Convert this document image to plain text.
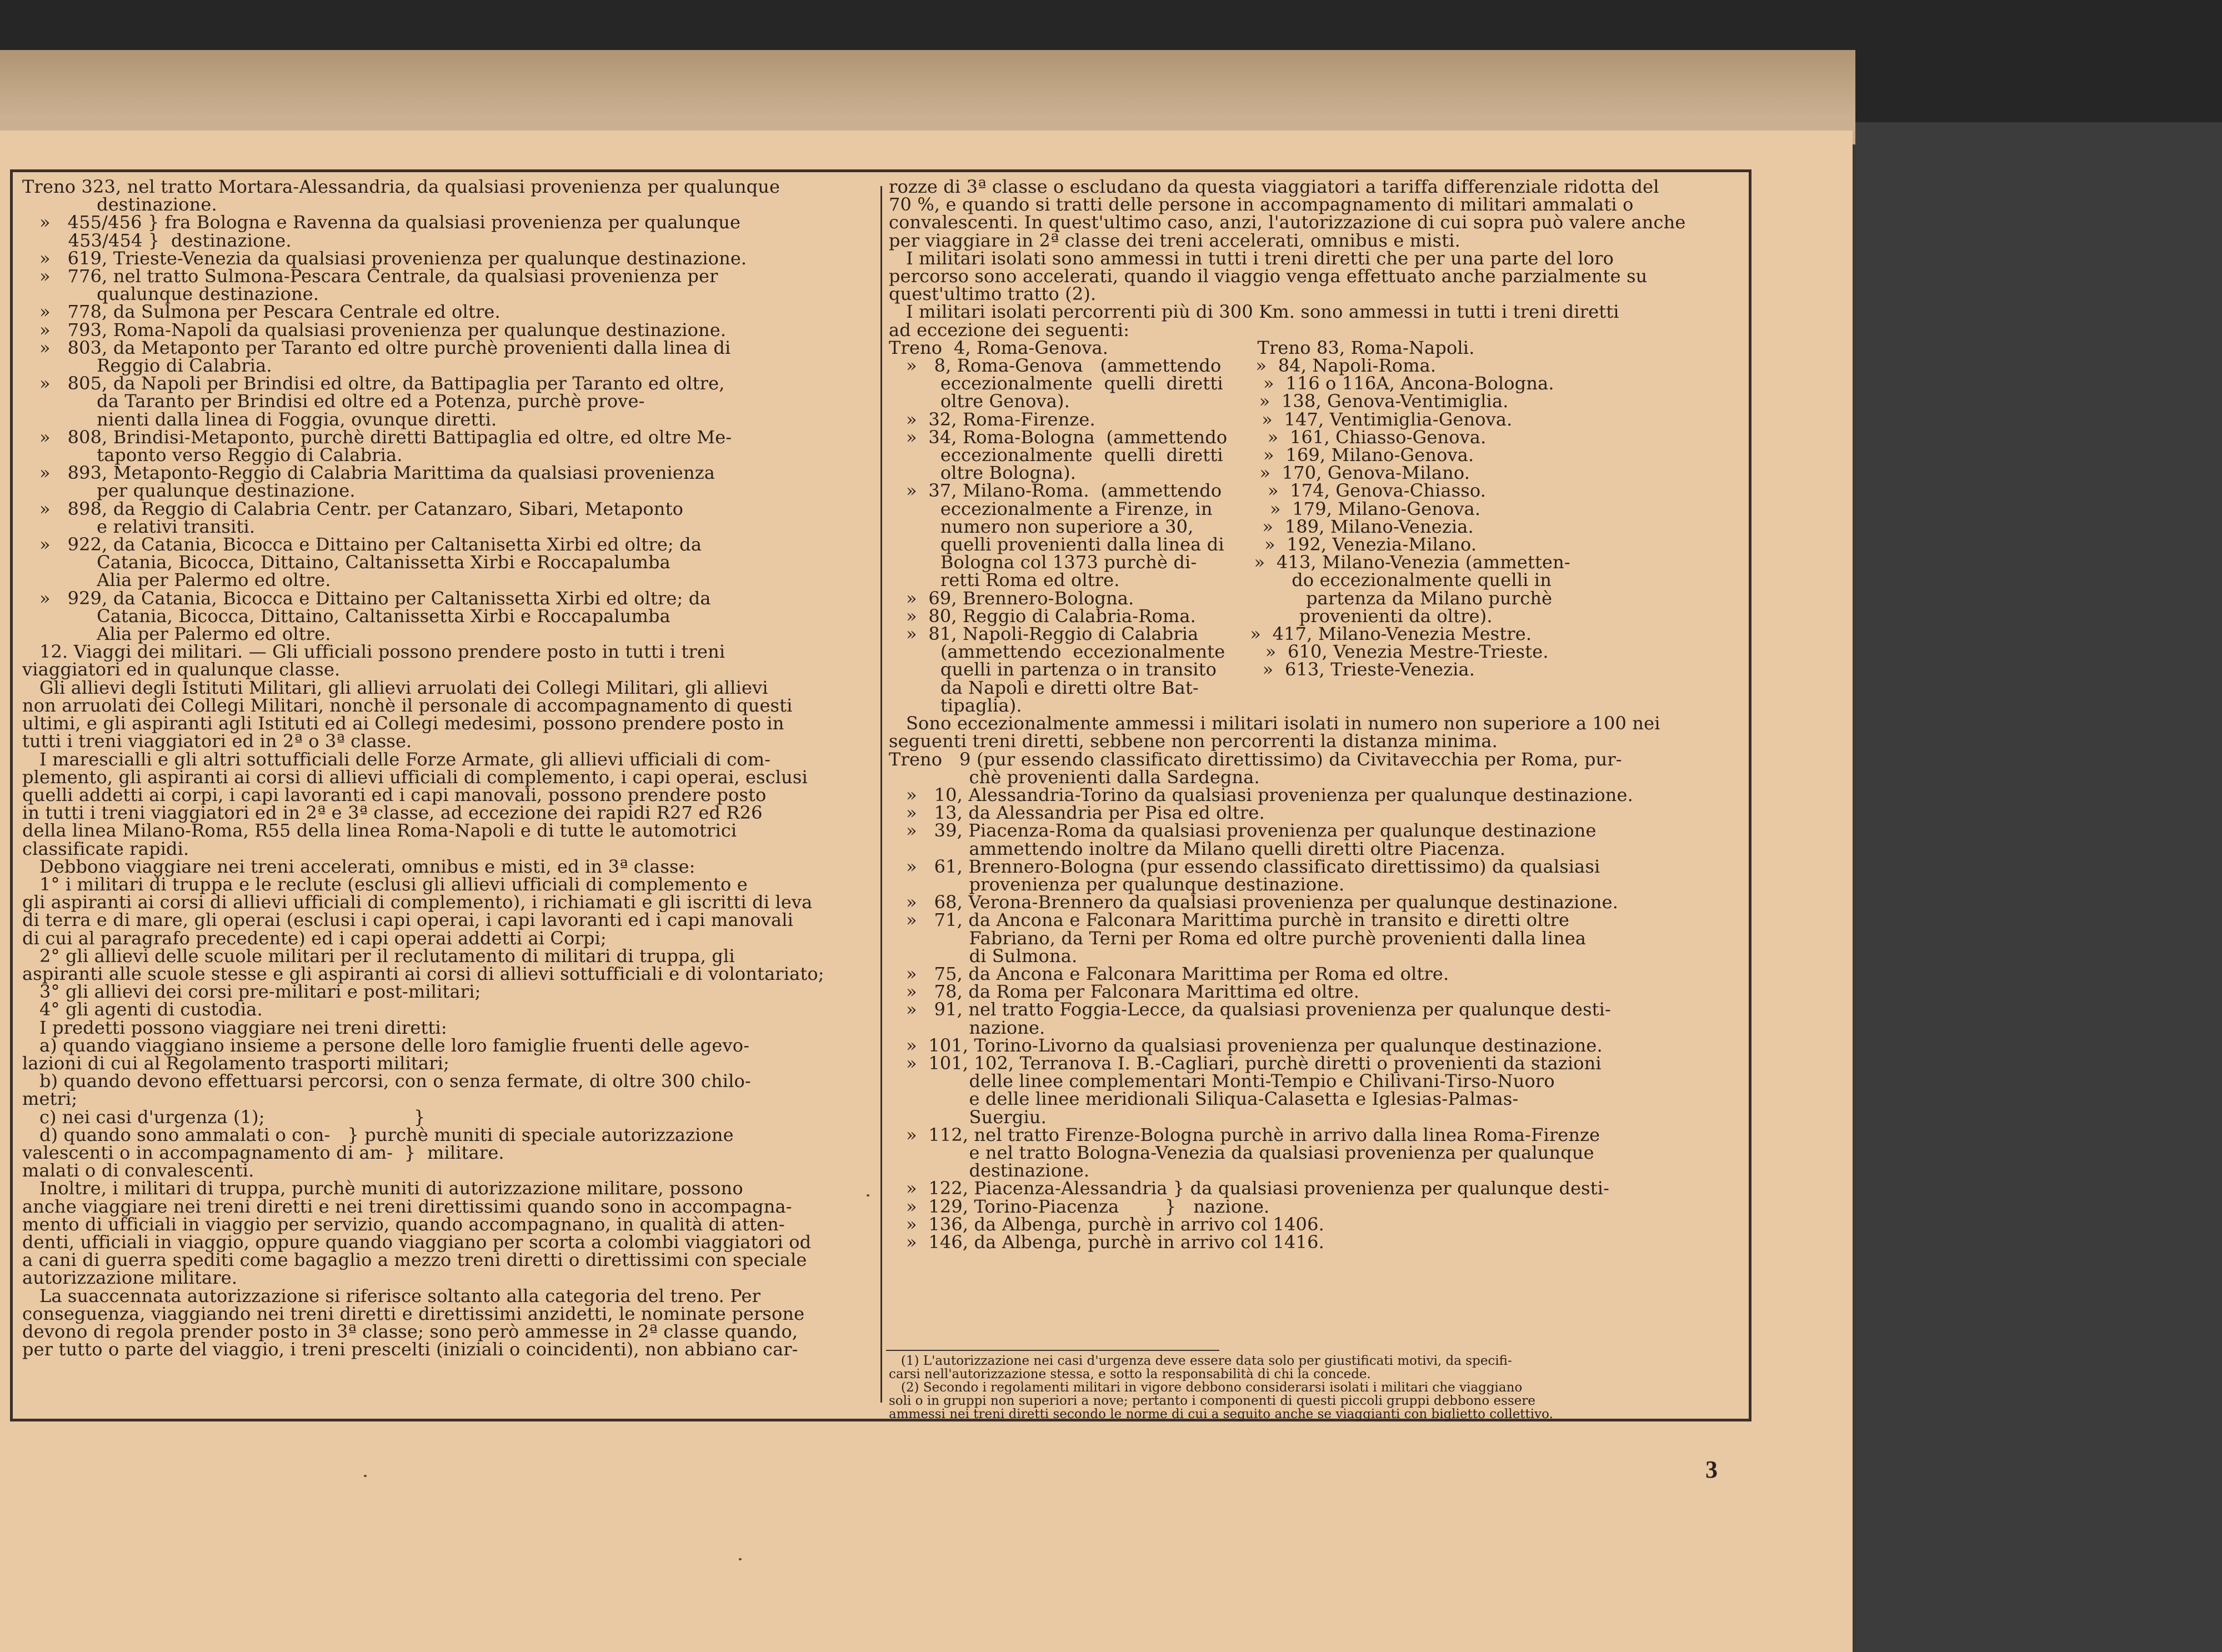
Treno 323, nel tratto Mortara-Alessandria, da qualsiasi provenienza per qualunque
destinazione.
»   455/456 } fra Bologna e Ravenna da qualsiasi provenienza per qualunque
453/454 }  destinazione.
»   619, Trieste-Venezia da qualsiasi provenienza per qualunque destinazione.
»   776, nel tratto Sulmona-Pescara Centrale, da qualsiasi provenienza per
qualunque destinazione.
»   778, da Sulmona per Pescara Centrale ed oltre.
»   793, Roma-Napoli da qualsiasi provenienza per qualunque destinazione.
»   803, da Metaponto per Taranto ed oltre purchè provenienti dalla linea di
Reggio di Calabria.
»   805, da Napoli per Brindisi ed oltre, da Battipaglia per Taranto ed oltre,
da Taranto per Brindisi ed oltre ed a Potenza, purchè prove-
nienti dalla linea di Foggia, ovunque diretti.
»   808, Brindisi-Metaponto, purchè diretti Battipaglia ed oltre, ed oltre Me-
taponto verso Reggio di Calabria.
»   893, Metaponto-Reggio di Calabria Marittima da qualsiasi provenienza
per qualunque destinazione.
»   898, da Reggio di Calabria Centr. per Catanzaro, Sibari, Metaponto
e relativi transiti.
»   922, da Catania, Bicocca e Dittaino per Caltanisetta Xirbi ed oltre; da
Catania, Bicocca, Dittaino, Caltanissetta Xirbi e Roccapalumba
Alia per Palermo ed oltre.
»   929, da Catania, Bicocca e Dittaino per Caltanissetta Xirbi ed oltre; da
Catania, Bicocca, Dittaino, Caltanissetta Xirbi e Roccapalumba
Alia per Palermo ed oltre.
12. Viaggi dei militari. — Gli ufficiali possono prendere posto in tutti i treni
viaggiatori ed in qualunque classe.
Gli allievi degli Istituti Militari, gli allievi arruolati dei Collegi Militari, gli allievi
non arruolati dei Collegi Militari, nonchè il personale di accompagnamento di questi
ultimi, e gli aspiranti agli Istituti ed ai Collegi medesimi, possono prendere posto in
tutti i treni viaggiatori ed in 2ª o 3ª classe.
I marescialli e gli altri sottufficiali delle Forze Armate, gli allievi ufficiali di com-
plemento, gli aspiranti ai corsi di allievi ufficiali di complemento, i capi operai, esclusi
quelli addetti ai corpi, i capi lavoranti ed i capi manovali, possono prendere posto
in tutti i treni viaggiatori ed in 2ª e 3ª classe, ad eccezione dei rapidi R27 ed R26
della linea Milano-Roma, R55 della linea Roma-Napoli e di tutte le automotrici
classificate rapidi.
Debbono viaggiare nei treni accelerati, omnibus e misti, ed in 3ª classe:
1° i militari di truppa e le reclute (esclusi gli allievi ufficiali di complemento e
gli aspiranti ai corsi di allievi ufficiali di complemento), i richiamati e gli iscritti di leva
di terra e di mare, gli operai (esclusi i capi operai, i capi lavoranti ed i capi manovali
di cui al paragrafo precedente) ed i capi operai addetti ai Corpi;
2° gli allievi delle scuole militari per il reclutamento di militari di truppa, gli
aspiranti alle scuole stesse e gli aspiranti ai corsi di allievi sottufficiali e di volontariato;
3° gli allievi dei corsi pre-militari e post-militari;
4° gli agenti di custodia.
I predetti possono viaggiare nei treni diretti:
a) quando viaggiano insieme a persone delle loro famiglie fruenti delle agevo-
lazioni di cui al Regolamento trasporti militari;
b) quando devono effettuarsi percorsi, con o senza fermate, di oltre 300 chilo-
metri;
c) nei casi d'urgenza (1);                          }
d) quando sono ammalati o con-   } purchè muniti di speciale autorizzazione
valescenti o in accompagnamento di am-  }  militare.
malati o di convalescenti.
Inoltre, i militari di truppa, purchè muniti di autorizzazione militare, possono
anche viaggiare nei treni diretti e nei treni direttissimi quando sono in accompagna-
mento di ufficiali in viaggio per servizio, quando accompagnano, in qualità di atten-
denti, ufficiali in viaggio, oppure quando viaggiano per scorta a colombi viaggiatori od
a cani di guerra spediti come bagaglio a mezzo treni diretti o direttissimi con speciale
autorizzazione militare.
La suaccennata autorizzazione si riferisce soltanto alla categoria del treno. Per
conseguenza, viaggiando nei treni diretti e direttissimi anzidetti, le nominate persone
devono di regola prender posto in 3ª classe; sono però ammesse in 2ª classe quando,
per tutto o parte del viaggio, i treni prescelti (iniziali o coincidenti), non abbiano car-
rozze di 3ª classe o escludano da questa viaggiatori a tariffa differenziale ridotta del
70 %, e quando si tratti delle persone in accompagnamento di militari ammalati o
convalescenti. In quest'ultimo caso, anzi, l'autorizzazione di cui sopra può valere anche
per viaggiare in 2ª classe dei treni accelerati, omnibus e misti.
I militari isolati sono ammessi in tutti i treni diretti che per una parte del loro
percorso sono accelerati, quando il viaggio venga effettuato anche parzialmente su
quest'ultimo tratto (2).
I militari isolati percorrenti più di 300 Km. sono ammessi in tutti i treni diretti
ad eccezione dei seguenti:
Treno  4, Roma-Genova.                          Treno 83, Roma-Napoli.
»   8, Roma-Genova   (ammettendo      »  84, Napoli-Roma.
eccezionalmente  quelli  diretti       »  116 o 116A, Ancona-Bologna.
oltre Genova).                                 »  138, Genova-Ventimiglia.
»  32, Roma-Firenze.                             »  147, Ventimiglia-Genova.
»  34, Roma-Bologna  (ammettendo       »  161, Chiasso-Genova.
eccezionalmente  quelli  diretti       »  169, Milano-Genova.
oltre Bologna).                                »  170, Genova-Milano.
»  37, Milano-Roma.  (ammettendo        »  174, Genova-Chiasso.
eccezionalmente a Firenze, in          »  179, Milano-Genova.
numero non superiore a 30,            »  189, Milano-Venezia.
quelli provenienti dalla linea di       »  192, Venezia-Milano.
Bologna col 1373 purchè di-          »  413, Milano-Venezia (ammetten-
retti Roma ed oltre.                              do eccezionalmente quelli in
»  69, Brennero-Bologna.                              partenza da Milano purchè
»  80, Reggio di Calabria-Roma.                  provenienti da oltre).
»  81, Napoli-Reggio di Calabria         »  417, Milano-Venezia Mestre.
(ammettendo  eccezionalmente       »  610, Venezia Mestre-Trieste.
quelli in partenza o in transito        »  613, Trieste-Venezia.
da Napoli e diretti oltre Bat-
tipaglia).
Sono eccezionalmente ammessi i militari isolati in numero non superiore a 100 nei
seguenti treni diretti, sebbene non percorrenti la distanza minima.
Treno   9 (pur essendo classificato direttissimo) da Civitavecchia per Roma, pur-
chè provenienti dalla Sardegna.
»   10, Alessandria-Torino da qualsiasi provenienza per qualunque destinazione.
»   13, da Alessandria per Pisa ed oltre.
»   39, Piacenza-Roma da qualsiasi provenienza per qualunque destinazione
ammettendo inoltre da Milano quelli diretti oltre Piacenza.
»   61, Brennero-Bologna (pur essendo classificato direttissimo) da qualsiasi
provenienza per qualunque destinazione.
»   68, Verona-Brennero da qualsiasi provenienza per qualunque destinazione.
»   71, da Ancona e Falconara Marittima purchè in transito e diretti oltre
Fabriano, da Terni per Roma ed oltre purchè provenienti dalla linea
di Sulmona.
»   75, da Ancona e Falconara Marittima per Roma ed oltre.
»   78, da Roma per Falconara Marittima ed oltre.
»   91, nel tratto Foggia-Lecce, da qualsiasi provenienza per qualunque desti-
nazione.
»  101, Torino-Livorno da qualsiasi provenienza per qualunque destinazione.
»  101, 102, Terranova I. B.-Cagliari, purchè diretti o provenienti da stazioni
delle linee complementari Monti-Tempio e Chilivani-Tirso-Nuoro
e delle linee meridionali Siliqua-Calasetta e Iglesias-Palmas-
Suergiu.
»  112, nel tratto Firenze-Bologna purchè in arrivo dalla linea Roma-Firenze
e nel tratto Bologna-Venezia da qualsiasi provenienza per qualunque
destinazione.
»  122, Piacenza-Alessandria } da qualsiasi provenienza per qualunque desti-
»  129, Torino-Piacenza        }   nazione.
»  136, da Albenga, purchè in arrivo col 1406.
»  146, da Albenga, purchè in arrivo col 1416.
(1) L'autorizzazione nei casi d'urgenza deve essere data solo per giustificati motivi, da specifi-
carsi nell'autorizzazione stessa, e sotto la responsabilità di chi la concede.
(2) Secondo i regolamenti militari in vigore debbono considerarsi isolati i militari che viaggiano
soli o in gruppi non superiori a nove; pertanto i componenti di questi piccoli gruppi debbono essere
ammessi nei treni diretti secondo le norme di cui a seguito anche se viaggianti con biglietto collettivo.
3
